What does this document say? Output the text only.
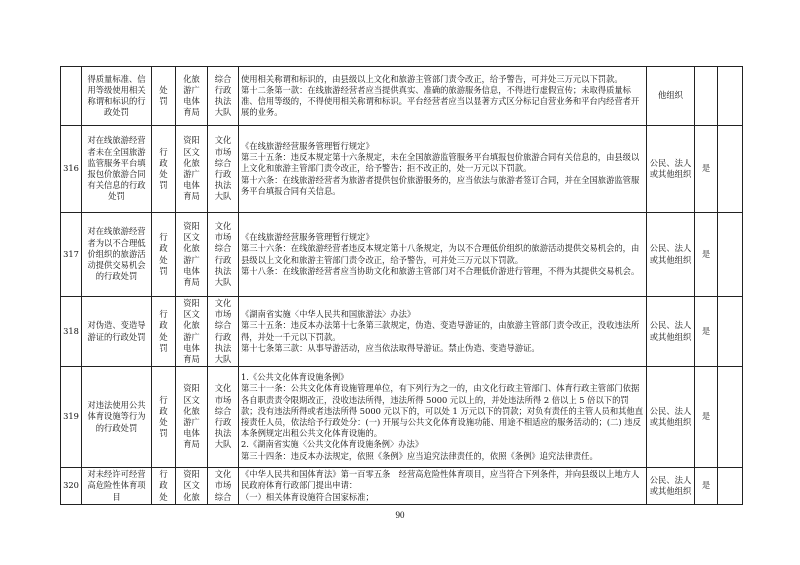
	得质量标准、信用等级使用相关称谓和标识的行政处罚	处罚	化旅游广电体育局	综合行政执法大队	使用相关称谓和标识的，由县级以上文化和旅游主管部门责令改正，给予警告，可并处三万元以下罚款。

第十二条第一款：在线旅游经营者应当提供真实、准确的旅游服务信息，不得进行虚假宣传；未取得质量标准、信用等级的，不得使用相关称谓和标识。平台经营者应当以显著方式区分标记自营业务和平台内经营者开展的业务。	他组织		
316	对在线旅游经营者未在全国旅游监管服务平台填报包价旅游合同有关信息的行政处罚	行政处罚	资阳区文化旅游广电体育局	文化市场综合行政执法大队	《在线旅游经营服务管理暂行规定》

第三十五条：违反本规定第十六条规定，未在全国旅游监管服务平台填报包价旅游合同有关信息的，由县级以上文化和旅游主管部门责令改正，给予警告；拒不改正的，处一万元以下罚款。

第十六条：在线旅游经营者为旅游者提供包价旅游服务的，应当依法与旅游者签订合同，并在全国旅游监管服务平台填报合同有关信息。	公民、法人或其他组织	是	
317	对在线旅游经营者为以不合理低价组织的旅游活动提供交易机会的行政处罚	行政处罚	资阳区文化旅游广电体育局	文化市场综合行政执法大队	《在线旅游经营服务管理暂行规定》

第三十六条：在线旅游经营者违反本规定第十八条规定，为以不合理低价组织的旅游活动提供交易机会的，由县级以上文化和旅游主管部门责令改正，给予警告，可并处三万元以下罚款。

第十八条：在线旅游经营者应当协助文化和旅游主管部门对不合理低价游进行管理，不得为其提供交易机会。	公民、法人或其他组织	是	
318	对伪造、变造导游证的行政处罚	行政处罚	资阳区文化旅游广电体育局	文化市场综合行政执法大队	《湖南省实施〈中华人民共和国旅游法〉办法》

第三十五条：违反本办法第十七条第三款规定，伪造、变造导游证的，由旅游主管部门责令改正，没收违法所得，并处一千元以下罚款。

第十七条第三款：从事导游活动，应当依法取得导游证。禁止伪造、变造导游证。	公民、法人或其他组织	是	
319	对违法使用公共体育设施等行为的行政处罚	行政处罚	资阳区文化旅游广电体育局	文化市场综合行政执法大队	1.《公共文化体育设施条例》

第三十一条：公共文化体育设施管理单位，有下列行为之一的，由文化行政主管部门、体育行政主管部门依据各自职责责令限期改正，没收违法所得，违法所得 5000 元以上的，并处违法所得 2 倍以上 5 倍以下的罚款；没有违法所得或者违法所得 5000 元以下的，可以处 1 万元以下的罚款；对负有责任的主管人员和其他直接责任人员，依法给予行政处分：(一) 开展与公共文化体育设施功能、用途不相适应的服务活动的；(二) 违反本条例规定出租公共文化体育设施的。

2.《湖南省实施〈公共文化体育设施条例〉办法》

第三十四条：违反本办法规定，依照《条例》应当追究法律责任的，依照《条例》追究法律责任。	公民、法人或其他组织	是	
320	对未经许可经营高危险性体育项目	行政处	资阳区文化旅	文化市场综合	《中华人民共和国体育法》第一百零五条　经营高危险性体育项目，应当符合下列条件，并向县级以上地方人民政府体育行政部门提出申请：

（一）相关体育设施符合国家标准；	公民、法人或其他组织	是	
90
